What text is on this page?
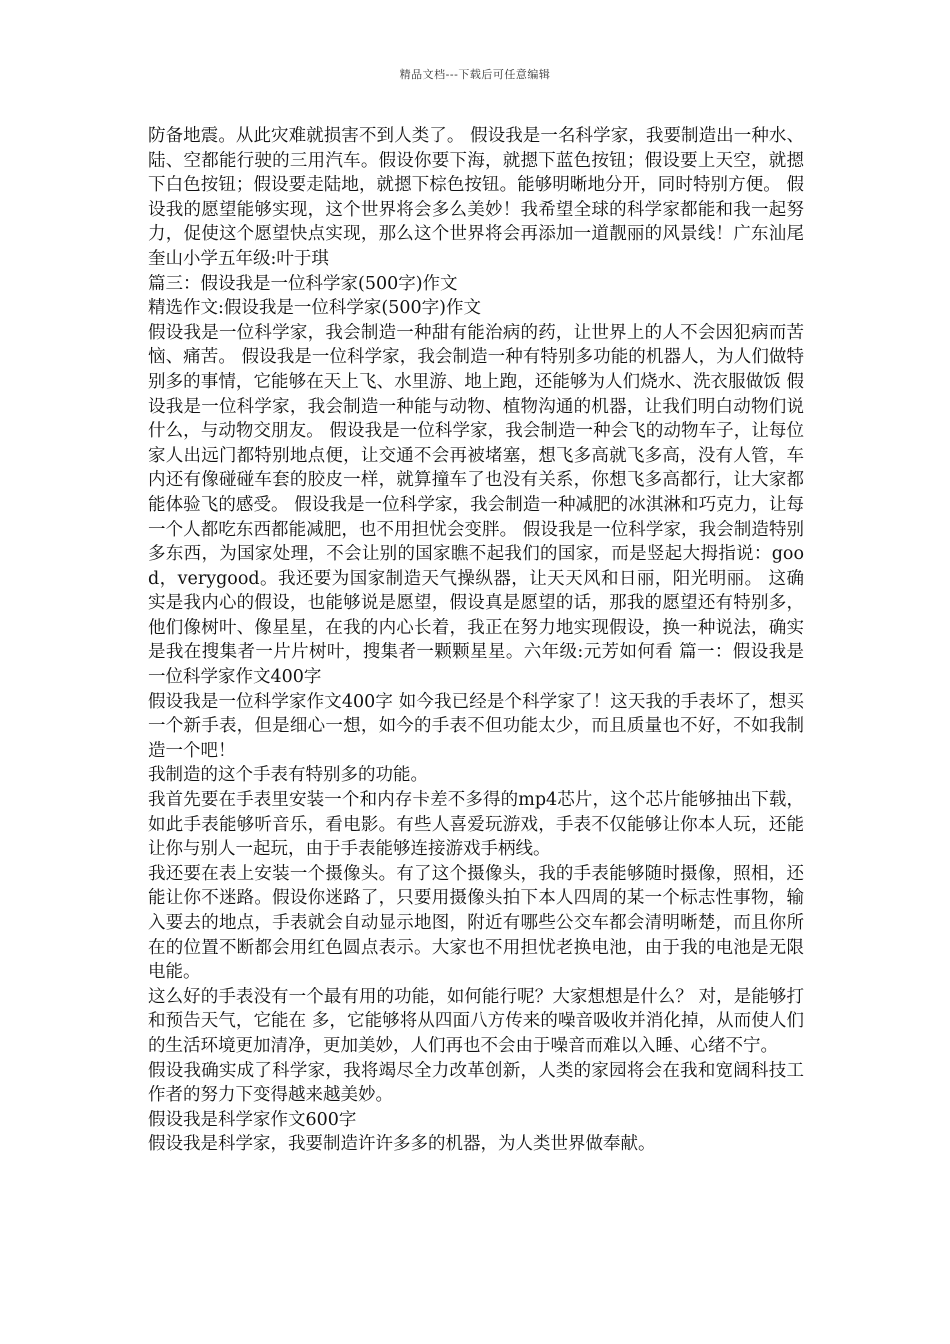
精品文档---下载后可任意编辑

防备地震。从此灾难就损害不到人类了。 假设我是一名科学家，我要制造出一种水、陆、空都能行驶的三用汽车。假设你要下海，就摁下蓝色按钮；假设要上天空，就摁下白色按钮；假设要走陆地，就摁下棕色按钮。能够明晰地分开，同时特别方便。 假设我的愿望能够实现，这个世界将会多么美妙！我希望全球的科学家都能和我一起努力，促使这个愿望快点实现，那么这个世界将会再添加一道靓丽的风景线！广东汕尾奎山小学五年级:叶于琪

篇三：假设我是一位科学家(500字)作文

精选作文:假设我是一位科学家(500字)作文

假设我是一位科学家，我会制造一种甜有能治病的药，让世界上的人不会因犯病而苦恼、痛苦。 假设我是一位科学家，我会制造一种有特别多功能的机器人，为人们做特别多的事情，它能够在天上飞、水里游、地上跑，还能够为人们烧水、洗衣服做饭 假设我是一位科学家，我会制造一种能与动物、植物沟通的机器，让我们明白动物们说什么，与动物交朋友。 假设我是一位科学家，我会制造一种会飞的动物车子，让每位家人出远门都特别地点便，让交通不会再被堵塞，想飞多高就飞多高，没有人管，车内还有像碰碰车套的胶皮一样，就算撞车了也没有关系，你想飞多高都行，让大家都能体验飞的感受。 假设我是一位科学家，我会制造一种减肥的冰淇淋和巧克力，让每一个人都吃东西都能减肥，也不用担忧会变胖。 假设我是一位科学家，我会制造特别多东西，为国家处理，不会让别的国家瞧不起我们的国家，而是竖起大拇指说：good，verygood。我还要为国家制造天气操纵器，让天天风和日丽，阳光明丽。 这确实是我内心的假设，也能够说是愿望，假设真是愿望的话，那我的愿望还有特别多，他们像树叶、像星星，在我的内心长着，我正在努力地实现假设，换一种说法，确实是我在搜集者一片片树叶，搜集者一颗颗星星。六年级:元芳如何看 篇一：假设我是一位科学家作文400字

假设我是一位科学家作文400字 如今我已经是个科学家了！这天我的手表坏了，想买一个新手表，但是细心一想，如今的手表不但功能太少，而且质量也不好，不如我制造一个吧！

我制造的这个手表有特别多的功能。

我首先要在手表里安装一个和内存卡差不多得的mp4芯片，这个芯片能够抽出下载，如此手表能够听音乐，看电影。有些人喜爱玩游戏，手表不仅能够让你本人玩，还能让你与别人一起玩，由于手表能够连接游戏手柄线。

我还要在表上安装一个摄像头。有了这个摄像头，我的手表能够随时摄像，照相，还能让你不迷路。假设你迷路了，只要用摄像头拍下本人四周的某一个标志性事物，输入要去的地点，手表就会自动显示地图，附近有哪些公交车都会清明晰楚，而且你所在的位置不断都会用红色圆点表示。大家也不用担忧老换电池，由于我的电池是无限电能。

这么好的手表没有一个最有用的功能，如何能行呢？大家想想是什么？ 对，是能够打和预告天气，它能在 多，它能够将从四面八方传来的噪音吸收并消化掉，从而使人们的生活环境更加清净，更加美妙，人们再也不会由于噪音而难以入睡、心绪不宁。

假设我确实成了科学家，我将竭尽全力改革创新，人类的家园将会在我和宽阔科技工作者的努力下变得越来越美妙。

假设我是科学家作文600字

假设我是科学家，我要制造许许多多的机器，为人类世界做奉献。
